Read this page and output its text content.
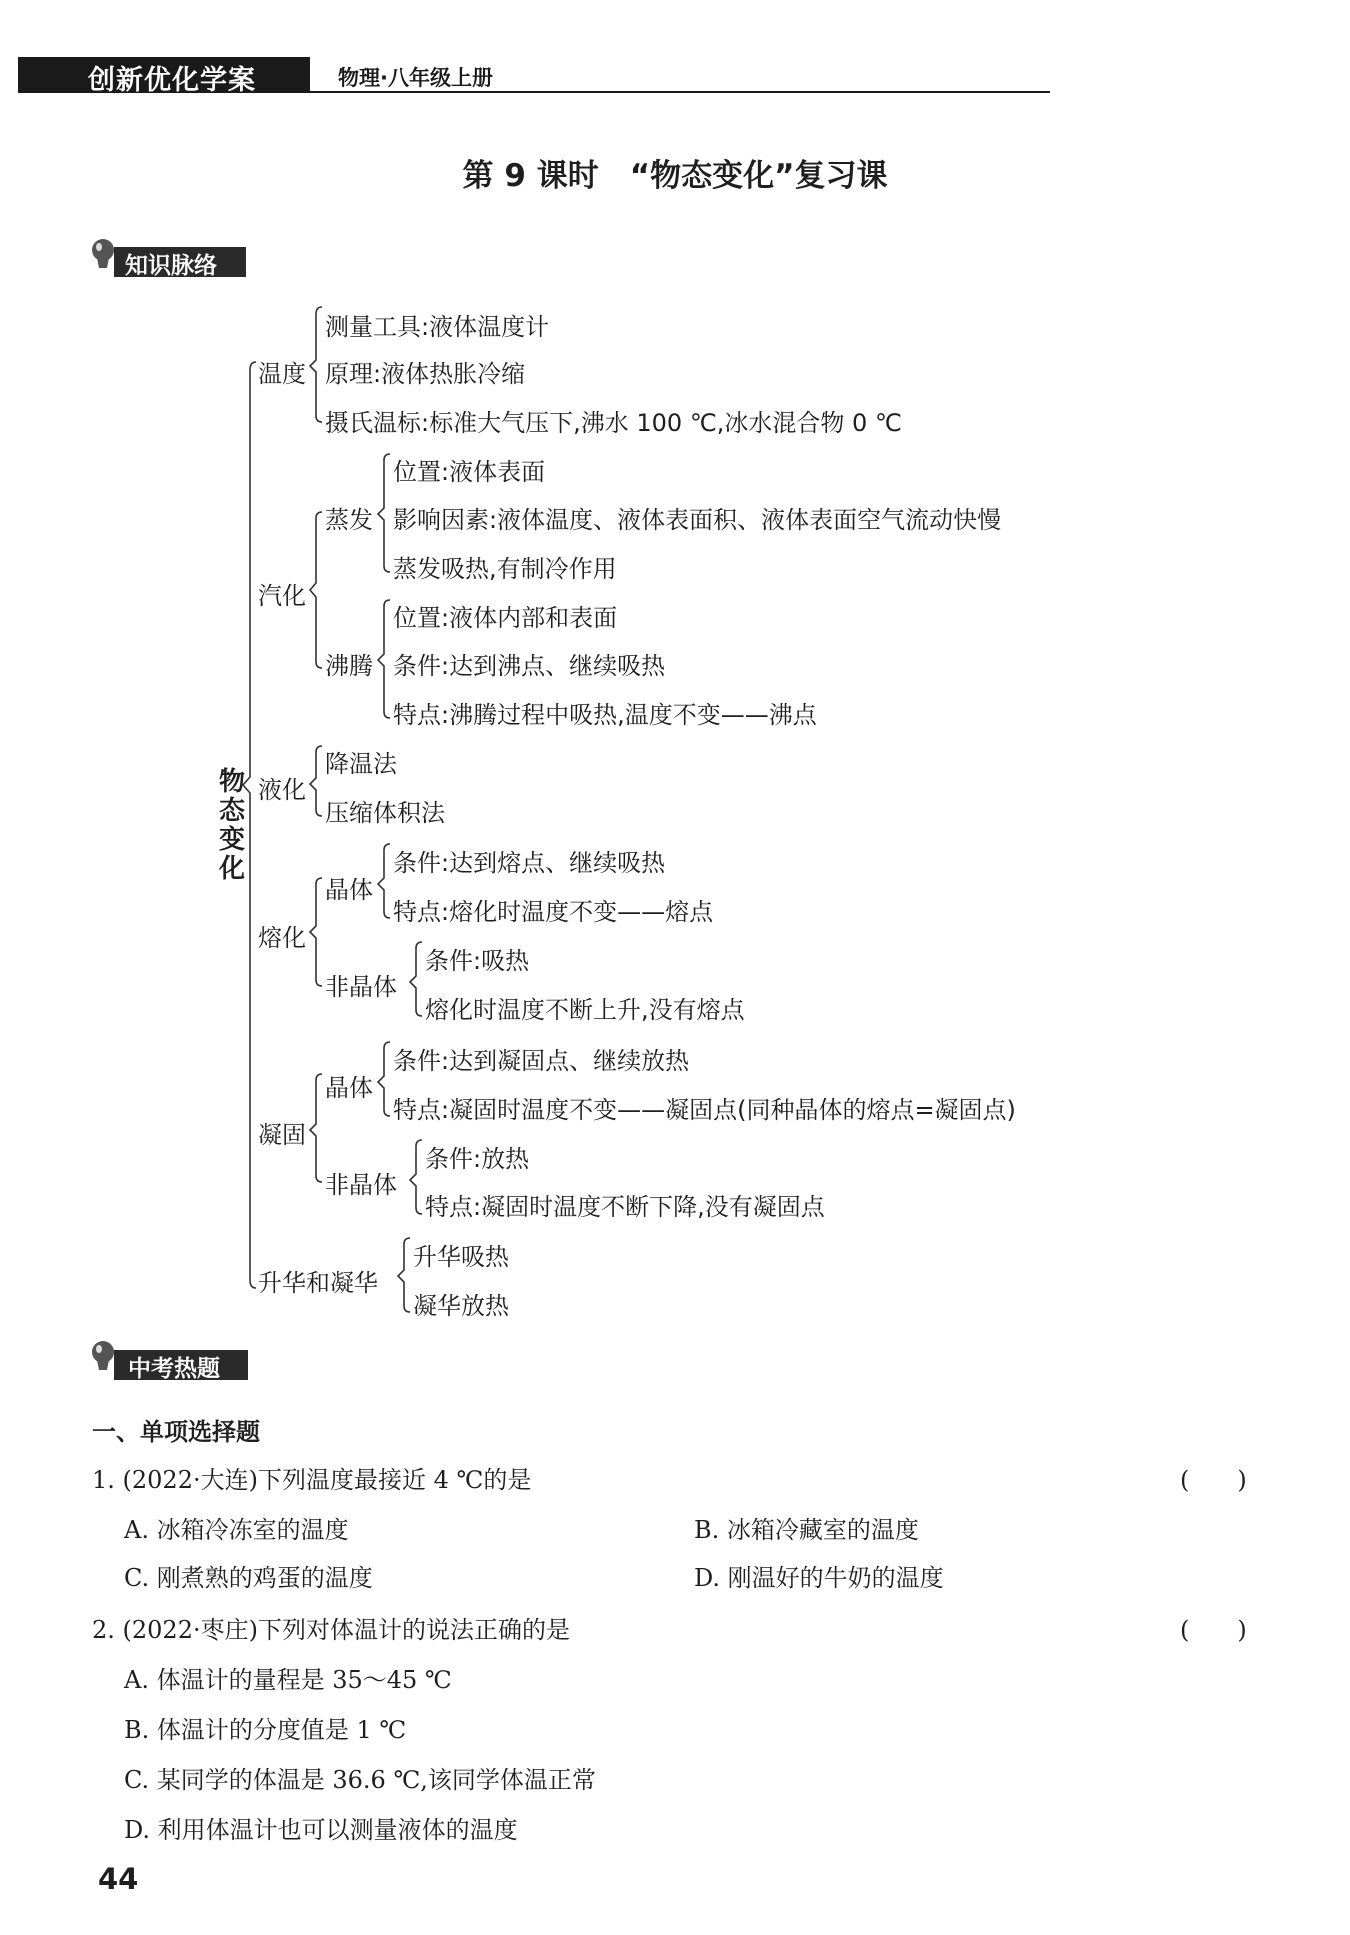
创新优化学案	物理·八年级上册
第 9 课时　“物态变化”复习课
知识脉络
物态变化
温度
测量工具:液体温度计
原理:液体热胀冷缩
摄氏温标:标准大气压下,沸水 100 ℃,冰水混合物 0 ℃
汽化
蒸发
位置:液体表面
影响因素:液体温度、液体表面积、液体表面空气流动快慢
蒸发吸热,有制冷作用
沸腾
位置:液体内部和表面
条件:达到沸点、继续吸热
特点:沸腾过程中吸热,温度不变——沸点
液化
降温法
压缩体积法
熔化
晶体
条件:达到熔点、继续吸热
特点:熔化时温度不变——熔点
非晶体
条件:吸热
熔化时温度不断上升,没有熔点
凝固
晶体
条件:达到凝固点、继续放热
特点:凝固时温度不变——凝固点(同种晶体的熔点=凝固点)
非晶体
条件:放热
特点:凝固时温度不断下降,没有凝固点
升华和凝华
升华吸热
凝华放热
中考热题
一、单项选择题
1. (2022·大连)下列温度最接近 4 ℃的是	(　　)
A. 冰箱冷冻室的温度	B. 冰箱冷藏室的温度
C. 刚煮熟的鸡蛋的温度	D. 刚温好的牛奶的温度
2. (2022·枣庄)下列对体温计的说法正确的是	(　　)
A. 体温计的量程是 35～45 ℃
B. 体温计的分度值是 1 ℃
C. 某同学的体温是 36.6 ℃,该同学体温正常
D. 利用体温计也可以测量液体的温度
44
